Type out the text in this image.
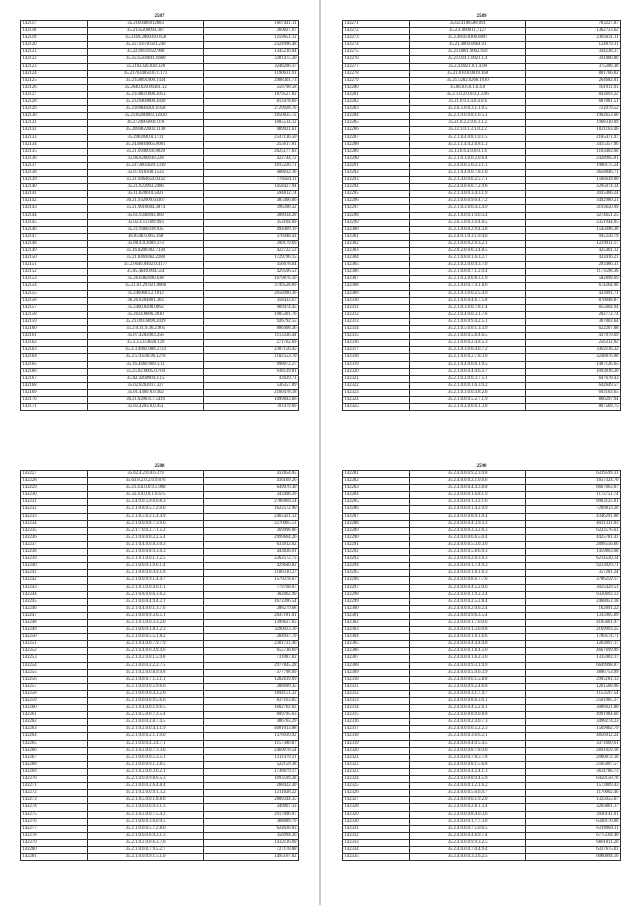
2587
142117	35.2169486912883	1607441.11
142118	35.2135200093.367	269027.97
142119	35.2169.2800393.658	1259651.12
142120	35.2574.670.023.230	2324996.48
142121	35.2239931022.908	1345216.04
142122	35.2535560041.6660	3381475.20
142123	35.2102320.038.128	3248296.37
142124	35.217634050.071.171	1190631.91
142125	35.2158091900.1434	2988301.73
142126	35.2640.020.00361.12	556798.58
142127	35.2158021000.2053	1879527.82
142128	35.2129469000.2020	813478.69
142129	35.2169840201.0358	2729928.76
142130	35.2136280003.12030	1050835.72
142131	36.2729003001.078	1005514.12
142132	35.2694822002.1138	489921.61
142133	35.2902840.0.1731	2547136.50
142134	35.2436840065.8001	255617.01
142135	35.21.0940010.8020	2625177.83
142136	35.06.8200930.228	422744.72
142137	35.2372605020.1339	1015226.71
142138	35.07.010300.1533	408032.16
142139	35.21.9464654.0332	770504.11
142140	35.21.822903.2486	1458427.94
142141	35.11.820010.5021	594812.74
142142	36.21.932009.03367	385406.06
142143	35.21.9010694.3874	396398.32
142144	35.61.9340692.069	308934.28
142145	35.02.4.11.609.993	353104.69
142146	35.21.9460318.935	494409.19
142147	36.0540.6.065.168	376948.41
142148	35.08.4.0.2009.373	390179.69
142149	35.16.8200302.7330	422722.53
142150	35.21.8469462.2280	1729796.15
142151	35.2.0646.0402.0.4177	356078.64
142152	35.05.4640.004.554	429596.53
142153	35.26.6402690.638	1079876.10
142154	35.21.01.29.021.0860	3749528.09
142155	35.2469603.2.1012	2658490.26
142156	36.26.8204801.303	358433.67
142157	35.2460.8208.0892	909474.45
142158	35.2634.8806.2810	1985301.76
142159	35.21.093.6090.2029	926792.55
142160	35.2.0.31.9.36.2.905	886408.36
142161	35.07.4202003.256	1113336.44
142162	35.2.3.5.0.4020.129	271762.69
142163	35.2.3.4902.008.2723	2307156.45
142164	35.2.5.9.036.96.1276	1182553.70
142165	35.16.4460.909.1.11	998072.27
142166	35.25.02.6005.0.704	938519.81
142167	35.02.4268904.3.15	43029.71
142168	35.02.8202017.327	536357.09
142169	35.01.4460.0.0.362	2160478.18
142170	36.21.0200.0.7.5419	1099843.66
142171	35.02.4203.0.0.451	701479.09
2588
142227	35.02.4.2.0.0.6.379	412854.85
142228	35.63.8.2.0.2.0.9.876	416109.26
142229	35.21.4.6.0.0.9.5.908	649070.30
142230	35.32.4.9.0.0.1.6.675	343498.29
142231	35.2.4.9.0.5.9.6.0.8.3	2786969.54
142232	35.2.1.0.8.0.5.7.2.0.6	1622572.90
142233	35.2.1.0.5.0.2.1.4.4.9	2465421.12
142234	35.2.1.0.0.0.8.7.3.9.6	2270065.51
142235	35.2.1.7.0.0.2.7.1.5.2	369098.86
142236	35.2.1.0.8.0.0.2.2.5.4	2999604.26
142237	35.2.1.0.4.0.0.8.3.0.3	633912.02
142238	35.2.1.0.0.0.8.9.3.0.3	443836.91
142239	35.2.1.0.1.0.0.1.1.2.5	2262572.73
142240	35.2.1.0.0.0.1.9.6.1.4	429640.82
142241	35.2.1.0.8.0.0.4.9.1.8	1186310.27
142242	35.2.1.0.0.0.9.1.4.4.7	1579378.67
142243	35.2.1.0.3.0.0.4.6.1.1	779768.87
142244	35.2.1.0.8.0.0.6.3.6.2	382062.90
142245	35.2.1.0.0.0.4.9.4.2.1	1672206.54
142246	35.2.1.0.4.0.0.1.3.7.6	288279.68
142247	35.2.1.0.0.0.9.3.6.5.1	2647181.01
142248	35.2.1.0.3.0.0.3.3.2.6	1399637.65
142249	35.2.1.0.0.0.1.8.1.2.3	3290023.10
142250	35.2.1.0.0.0.5.5.1.8.2	284937.79
142251	35.2.1.0.4.0.0.7.9.7.9	2301721.40
142252	35.2.1.0.4.0.0.3.9.4.6	655738.69
142253	35.2.1.0.2.0.0.1.5.9.8	731087.02
142254	35.2.1.0.0.0.2.2.2.7.5	2977845.28
142255	35.2.1.0.2.0.0.8.9.9.8	377798.09
142256	35.2.1.0.0.0.7.1.3.1.1	1282619.09
142257	35.2.1.0.0.0.0.5.9.6.6	288099.35
142258	35.2.1.0.6.0.0.4.3.2.6	1694151.22
142259	35.2.1.0.0.0.6.9.5.6.6	837163.85
142260	35.2.1.0.4.0.0.1.9.6.5	1682702.02
142261	35.2.1.0.5.0.0.7.3.5.4	609795.63
142262	35.2.1.0.0.0.2.8.7.4.5	386765.29
142263	35.2.1.0.2.0.0.4.1.1.9	4601013.88
142264	35.2.1.0.0.0.2.1.1.9.0	1376939.92
142265	35.2.1.0.0.0.4.3.4.7.1	1157380.87
142266	35.2.1.0.2.0.0.7.3.3.6	2469078.54
142267	35.2.1.0.6.0.0.5.3.5.1	1311479.31
142268	35.2.1.0.0.0.9.1.3.8.5	522159.38
142269	35.2.1.0.2.0.0.3.6.2.1	1738679.17
142270	35.2.1.0.0.0.9.8.6.5.3	1093599.28
142271	35.2.1.0.0.0.2.6.4.8.4	268422.30
142272	35.2.1.0.2.0.0.9.1.3.2	1311828.22
142273	35.2.1.0.5.0.0.1.8.8.6	2889344.35
142274	35.2.1.0.0.0.6.9.3.1.3	349007.33
142275	35.2.1.0.2.0.0.7.5.4.2	2917096.07
142276	35.2.1.0.0.0.3.6.0.9.5	368689.79
142277	35.2.1.0.0.0.5.7.2.8.6	624636.83
142278	35.2.1.0.0.0.6.9.3.1.3	356994.20
142279	35.2.1.0.2.0.0.6.3.7.0	1432116.09
142280	35.2.1.0.0.0.7.9.5.2.7	727170.88
142281	35.2.1.0.0.0.9.1.5.1.0	1495167.62
2589
142271	35.62.4180508.091	703227.87
142272	35.2.4.000011.7127	1362723.62
142273	35.2.4810.8300.6897	2305631.11
142274	35.21.4069.0664.91	124879.31
142275	35.21.6081.9062.959	344238.27
142276	35.21.024.1.0021.1.4	341080.00
142277	35.2.4.0821.0.1.4.00	375306.38
142278	35.21.010.0.0019.160	801766.02
142279	35.21.5202.0260.1010	264682.81
142280	35.08.0.6.0.1.0.4.0	161911.91
142281	35.2.1.0.2.0.0.0.2.3.96	843693.22
142282	35.21.0.0.3.4.0.4.0.6	607081.51
142283	35.2.6.5.0.0.3.1.1.0.5	722079.52
142284	35.2.1.9.6.0.8.1.0.5.1	1962653.66
142285	35.21.0.2.2.0.0.3.1.2	1968310.09
142286	35.22.1.0.1.3.1.0.2.2	1021163.46
142287	35.2.1.8.4.0.8.1.0.1.5	2185471.97
142288	35.2.1.1.4.0.2.0.8.1.3	3415357.96
142289	35.13.6.6.4.0.0.0.1.6	1103403.90
142290	35.2.1.0.3.0.0.2.0.6.4	2428905.01
142291	35.2.4.0.0.5.0.2.3.1.1	1966175.24
142292	35.2.1.0.4.0.0.7.8.1.0	3658846.71
142293	35.2.1.4.0.0.6.2.5.7.1	1566639.00
142294	35.2.4.0.0.6.0.7.2.9.8	2295074.14
142295	35.2.1.4.0.0.3.4.3.1.9	3935466.24
142296	35.2.1.0.0.0.9.0.4.7.2	3492980.21
142297	35.2.1.0.3.0.0.4.3.4.9	3193650.99
142298	35.2.1.0.0.0.1.9.0.3.4	3274651.25
142299	35.2.6.5.0.0.3.9.4.8.5	2351944.95
142300	35.2.1.0.0.0.2.9.4.3.8	1545096.38
142301	35.2.4.0.1.0.3.1.9.4.6	945250.79
142302	35.2.1.0.0.0.2.9.3.2.1	1229911.17
142303	35.2.0.2.0.0.6.3.4.8.5	425401.12
142304	35.2.1.0.0.0.1.6.3.2.7	433416.21
142305	35.2.1.0.2.0.0.9.3.7.0	203486.31
142306	35.2.1.0.0.0.7.1.2.9.4	1173598.36
142307	35.2.1.0.2.0.0.8.3.1.9	582898.69
142308	35.2.1.0.0.0.7.4.1.8.6	674264.96
142309	35.2.1.0.3.0.0.2.5.4.9	433091.71
142310	35.2.1.0.0.0.4.6.7.5.8	870048.87
142311	35.2.1.0.3.0.0.7.8.1.4	855004.94
142312	35.2.1.0.4.0.0.3.1.7.6	282772.74
142313	35.2.1.0.0.0.9.4.2.5.1	307003.64
142314	35.2.1.0.5.0.0.1.3.3.9	622207.08
142315	35.2.1.0.0.0.5.8.4.6.5	437879.69
142316	35.2.1.0.0.0.2.4.8.5.3	256312.92
142317	35.2.1.0.3.0.0.4.0.7.2	3302116.32
142318	35.2.1.0.0.0.2.7.8.3.6	3248876.98
142319	35.2.1.0.4.0.0.8.1.9.5	1407126.65
142320	35.2.1.0.0.0.4.4.6.3.7	1093016.20
142321	35.2.1.0.2.0.0.3.7.5.1	647678.43
142322	35.2.1.0.0.0.1.6.3.9.2	642649.57
142323	35.2.1.0.3.0.0.4.8.2.6	693103.65
142324	35.2.1.0.0.0.5.2.7.1.9	866297.94
142325	35.2.1.0.2.0.0.9.1.3.8	867569.75
2590
142281	35.2.4.0.0.0.9.2.3.9.8	6319599.31
142282	35.2.4.0.0.0.2.1.0.6.6	1657324.70
142283	35.2.4.0.0.0.4.4.3.8.8	8667063.07
142284	35.2.4.0.0.0.1.6.8.1.9	1172751.74
142285	35.2.4.0.0.0.1.3.2.1.6	8963125.01
142286	35.2.4.0.0.0.1.4.2.9.9	7209813.20
142287	35.2.4.0.0.0.8.9.1.0.4	4346291.08
142288	35.2.4.0.0.0.4.3.9.3.3	4031331.03
142289	35.2.4.0.0.0.3.3.2.6.3	6222576.61
142290	35.2.4.0.0.0.6.6.5.0.4	4425781.41
142291	35.2.4.0.0.0.5.3.0.3.0	2898556.66
142292	35.2.4.0.0.0.5.8.6.9.3	1459863.68
142293	35.2.4.0.0.0.2.0.3.0.3	6214520.14
142294	35.2.4.0.0.0.1.7.4.9.3	9223029.71
142295	35.2.4.0.0.0.1.8.1.0.3	357281.24
142296	35.2.4.0.0.0.8.6.7.7.6	2786259.17
142297	35.2.4.0.0.0.4.5.2.0.6	3025429.51
142298	35.2.4.0.0.0.1.9.2.3.4	9320693.13
142299	35.2.4.0.0.0.2.5.2.8.4	2468053.18
142300	35.2.4.0.0.0.2.0.6.2.4	162891.22
142301	35.2.4.0.0.0.9.6.3.5.4	1335905.09
142302	35.2.4.0.0.0.1.7.0.0.6	4185661.97
142303	35.2.4.0.0.0.1.3.6.0.8	2169993.25
142304	35.2.4.0.0.0.1.0.1.6.6	1709574.71
142305	35.2.4.0.0.0.4.4.4.9.8	1263097.17
142306	35.2.4.0.0.0.1.8.4.5.0	4667699.99
142307	35.2.4.0.0.0.1.6.2.3.0	1335903.17
142308	35.2.4.0.0.0.9.3.1.9.9	6649998.07
142309	35.2.4.0.0.0.5.9.6.3.9	3886753.99
142310	35.2.4.0.0.0.6.1.5.8.8	2995181.13
142311	35.2.4.0.0.0.9.2.4.6.8	1261568.96
142312	35.2.4.0.0.0.3.1.7.4.7	1153597.54
142313	35.2.4.0.0.0.8.6.3.6.1	2561985.27
142314	35.2.4.0.0.0.4.5.2.6.1	3006621.80
142315	35.2.4.0.0.0.8.9.0.8.8	4991984.60
142316	35.2.4.0.0.0.2.4.0.7.3	3498274.23
142317	35.2.4.0.0.0.6.5.2.2.3	1569862.79
142318	35.2.4.0.0.0.3.6.6.2.1	4856912.24
142319	35.2.4.0.0.0.4.0.5.4.5	3371669.61
142320	35.2.4.0.0.0.8.7.8.9.0	2841059.18
142321	35.2.4.0.0.0.7.8.5.7.8	2080072.10
142322	35.2.4.0.0.0.8.1.5.6.8	2565007.57
142323	35.2.4.0.0.0.4.2.4.1.3	3614786.73
142324	35.2.4.0.0.0.8.9.4.5.9	6450150.78
142325	35.2.4.0.0.0.1.2.1.6.2	1573809.43
142326	35.2.4.0.0.0.5.6.6.9.7	1170002.46
142327	35.2.4.0.0.0.6.1.9.2.0	1325055.67
142328	35.2.4.0.0.0.2.8.1.3.4	3203801.17
142329	35.2.4.0.0.0.8.4.0.3.6	3930141.01
142330	35.2.4.0.0.0.1.7.7.3.0	6340170.06
142331	35.2.4.0.0.0.7.5.0.6.5	6318960.11
142332	35.2.4.0.0.0.4.8.9.7.4	6775164.40
142333	35.2.4.0.0.0.9.9.3.2.5	6601811.20
142334	35.2.4.0.0.0.7.0.4.9.4	6337675.01
142335	35.2.4.0.0.0.3.2.6.2.5	6080894.16
